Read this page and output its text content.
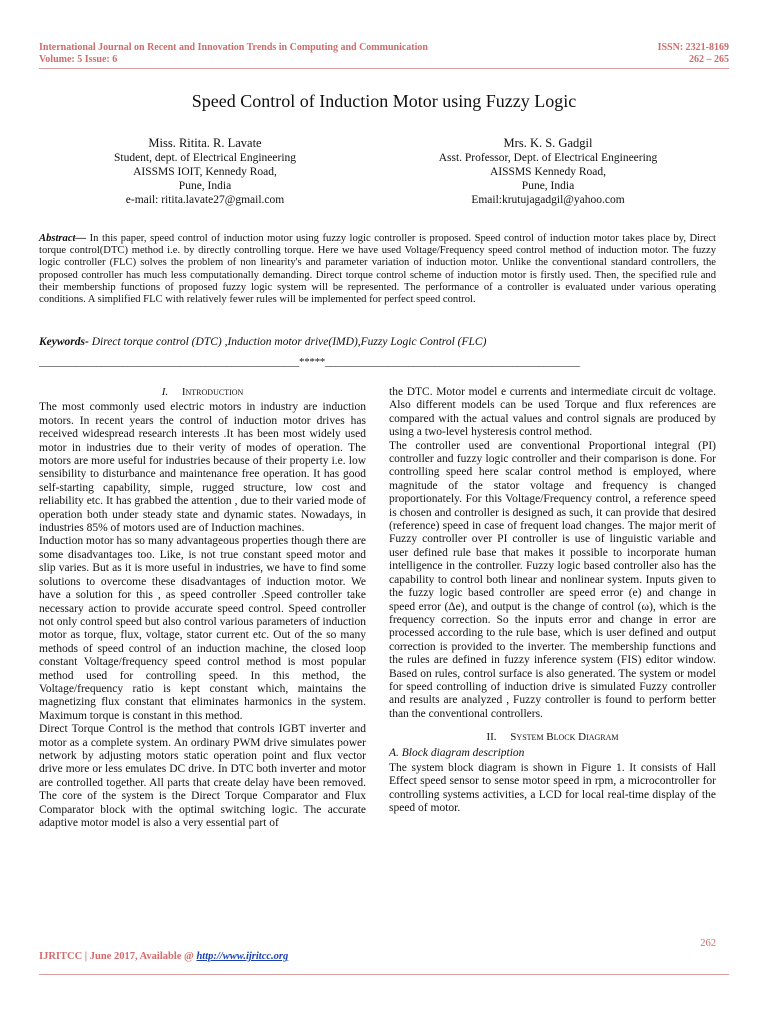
International Journal on Recent and Innovation Trends in Computing and Communication
Volume: 5 Issue: 6
ISSN: 2321-8169
262 – 265
Speed Control of Induction Motor using Fuzzy Logic
Miss. Ritita. R. Lavate
Student, dept. of Electrical Engineering
AISSMS IOIT, Kennedy Road,
Pune, India
e-mail: ritita.lavate27@gmail.com
Mrs. K. S. Gadgil
Asst. Professor, Dept. of Electrical Engineering
AISSMS Kennedy Road,
Pune, India
Email:krutujagadgil@yahoo.com
Abstract— In this paper, speed control of induction motor using fuzzy logic controller is proposed. Speed control of induction motor takes place by, Direct torque control(DTC) method i.e. by directly controlling torque. Here we have used Voltage/Frequency speed control method of induction motor. The fuzzy logic controller (FLC) solves the problem of non linearity's and parameter variation of induction motor. Unlike the conventional standard controllers, the proposed controller has much less computationally demanding. Direct torque control scheme of induction motor is firstly used. Then, the specified rule and their membership functions of proposed fuzzy logic system will be represented. The performance of a controller is evaluated under various operating conditions. A simplified FLC with relatively fewer rules will be implemented for perfect speed control.
Keywords- Direct torque control (DTC) ,Induction motor drive(IMD),Fuzzy Logic Control (FLC)
__________________________________________________*****_________________________________________________
I. Introduction

The most commonly used electric motors in industry are induction motors. In recent years the control of induction motor drives has received widespread research interests .It has been most widely used motor in industries due to their verity of modes of operation. The motors are more useful for industries because of their property i.e. low sensibility to disturbance and maintenance free operation. It has good self-starting capability, simple, rugged structure, low cost and reliability etc. It has grabbed the attention , due to their varied mode of operation both under steady state and dynamic states. Nowadays, in industries 85% of motors used are of Induction machines.

Induction motor has so many advantageous properties though there are some disadvantages too. Like, is not true constant speed motor and slip varies. But as it is more useful in industries, we have to find some solutions to overcome these disadvantages of induction motor. We have a solution for this , as speed controller .Speed controller take necessary action to provide accurate speed control. Speed controller not only control speed but also control various parameters of induction motor as torque, flux, voltage, stator current etc. Out of the so many methods of speed control of an induction machine, the closed loop constant Voltage/frequency speed control method is most popular method used for controlling speed. In this method, the Voltage/frequency ratio is kept constant which, maintains the magnetizing flux constant that eliminates harmonics in the system. Maximum torque is constant in this method.

Direct Torque Control is the method that controls IGBT inverter and motor as a complete system. An ordinary PWM drive simulates power network by adjusting motors static operation point and flux vector drive more or less emulates DC drive. In DTC both inverter and motor are controlled together. All parts that create delay have been removed. The core of the system is the Direct Torque Comparator and Flux Comparator block with the optimal switching logic. The accurate adaptive motor model is also a very essential part of

the DTC. Motor model e currents and intermediate circuit dc voltage. Also different models can be used Torque and flux references are compared with the actual values and control signals are produced by using a two-level hysteresis control method.

The controller used are conventional Proportional integral (PI) controller and fuzzy logic controller and their comparison is done. For controlling speed here scalar control method is employed, where magnitude of the stator voltage and frequency is changed proportionately. For this Voltage/Frequency control, a reference speed is chosen and controller is designed as such, it can provide that desired (reference) speed in case of frequent load changes. The major merit of Fuzzy controller over PI controller is use of linguistic variable and user defined rule base that makes it possible to incorporate human intelligence in the controller. Fuzzy logic based controller also has the capability to control both linear and nonlinear system. Inputs given to the fuzzy logic based controller are speed error (e) and change in speed error (Δe), and output is the change of control (ω), which is the frequency correction. So the inputs error and change in error are processed according to the rule base, which is user defined and output correction is provided to the inverter. The membership functions and the rules are defined in fuzzy inference system (FIS) editor window. Based on rules, control surface is also generated. The system or model for speed controlling of induction drive is simulated Fuzzy controller and results are analyzed , Fuzzy controller is found to perform better than the conventional controllers.

II. System Block Diagram
A. Block diagram description

The system block diagram is shown in Figure 1. It consists of Hall Effect speed sensor to sense motor speed in rpm, a microcontroller for controlling systems activities, a LCD for local real-time display of the speed of motor.

262
IJRITCC | June 2017, Available @ http://www.ijritcc.org
